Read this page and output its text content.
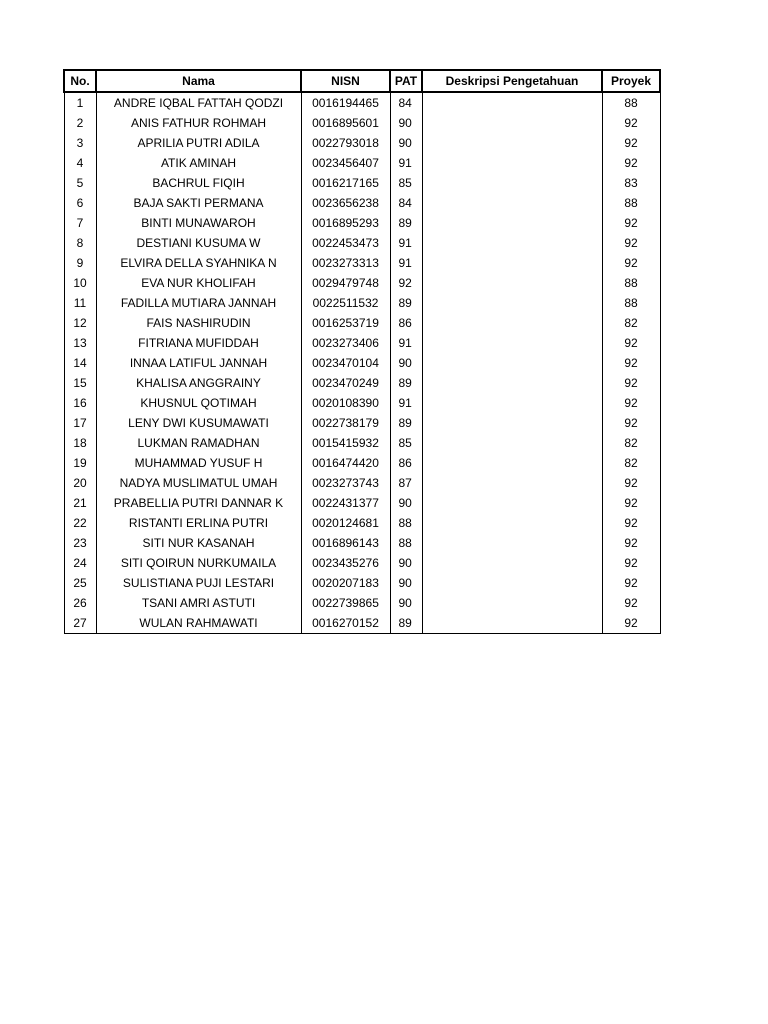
No.	Nama	NISN	PAT	Deskripsi Pengetahuan	Proyek
1	ANDRE IQBAL FATTAH QODZI	0016194465	84		88
2	ANIS FATHUR ROHMAH	0016895601	90		92
3	APRILIA PUTRI ADILA	0022793018	90		92
4	ATIK AMINAH	0023456407	91		92
5	BACHRUL FIQIH	0016217165	85		83
6	BAJA SAKTI PERMANA	0023656238	84		88
7	BINTI MUNAWAROH	0016895293	89		92
8	DESTIANI KUSUMA W	0022453473	91		92
9	ELVIRA DELLA SYAHNIKA N	0023273313	91		92
10	EVA NUR KHOLIFAH	0029479748	92		88
11	FADILLA MUTIARA JANNAH	0022511532	89		88
12	FAIS NASHIRUDIN	0016253719	86		82
13	FITRIANA MUFIDDAH	0023273406	91		92
14	INNAA LATIFUL JANNAH	0023470104	90		92
15	KHALISA ANGGRAINY	0023470249	89		92
16	KHUSNUL QOTIMAH	0020108390	91		92
17	LENY DWI KUSUMAWATI	0022738179	89		92
18	LUKMAN RAMADHAN	0015415932	85		82
19	MUHAMMAD YUSUF H	0016474420	86		82
20	NADYA MUSLIMATUL UMAH	0023273743	87		92
21	PRABELLIA PUTRI DANNAR K	0022431377	90		92
22	RISTANTI ERLINA PUTRI	0020124681	88		92
23	SITI NUR KASANAH	0016896143	88		92
24	SITI QOIRUN NURKUMAILA	0023435276	90		92
25	SULISTIANA PUJI LESTARI	0020207183	90		92
26	TSANI AMRI ASTUTI	0022739865	90		92
27	WULAN RAHMAWATI	0016270152	89		92
